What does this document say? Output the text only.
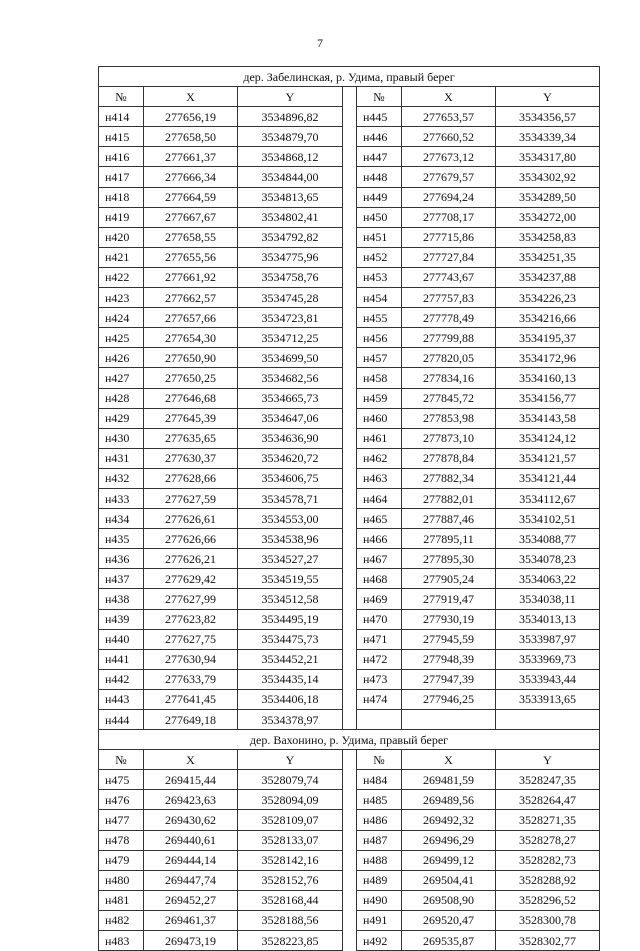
7
дер. Забелинская, р. Удима, правый берег						
№	X	Y		№	X	Y
н414	277656,19	3534896,82		н445	277653,57	3534356,57
н415	277658,50	3534879,70		н446	277660,52	3534339,34
н416	277661,37	3534868,12		н447	277673,12	3534317,80
н417	277666,34	3534844,00		н448	277679,57	3534302,92
н418	277664,59	3534813,65		н449	277694,24	3534289,50
н419	277667,67	3534802,41		н450	277708,17	3534272,00
н420	277658,55	3534792,82		н451	277715,86	3534258,83
н421	277655,56	3534775,96		н452	277727,84	3534251,35
н422	277661,92	3534758,76		н453	277743,67	3534237,88
н423	277662,57	3534745,28		н454	277757,83	3534226,23
н424	277657,66	3534723,81		н455	277778,49	3534216,66
н425	277654,30	3534712,25		н456	277799,88	3534195,37
н426	277650,90	3534699,50		н457	277820,05	3534172,96
н427	277650,25	3534682,56		н458	277834,16	3534160,13
н428	277646,68	3534665,73		н459	277845,72	3534156,77
н429	277645,39	3534647,06		н460	277853,98	3534143,58
н430	277635,65	3534636,90		н461	277873,10	3534124,12
н431	277630,37	3534620,72		н462	277878,84	3534121,57
н432	277628,66	3534606,75		н463	277882,34	3534121,44
н433	277627,59	3534578,71		н464	277882,01	3534112,67
н434	277626,61	3534553,00		н465	277887,46	3534102,51
н435	277626,66	3534538,96		н466	277895,11	3534088,77
н436	277626,21	3534527,27		н467	277895,30	3534078,23
н437	277629,42	3534519,55		н468	277905,24	3534063,22
н438	277627,99	3534512,58		н469	277919,47	3534038,11
н439	277623,82	3534495,19		н470	277930,19	3534013,13
н440	277627,75	3534475,73		н471	277945,59	3533987,97
н441	277630,94	3534452,21		н472	277948,39	3533969,73
н442	277633,79	3534435,14		н473	277947,39	3533943,44
н443	277641,45	3534406,18		н474	277946,25	3533913,65
н444	277649,18	3534378,97				
дер. Вахонино, р. Удима, правый берег						
№	X	Y		№	X	Y
н475	269415,44	3528079,74		н484	269481,59	3528247,35
н476	269423,63	3528094,09		н485	269489,56	3528264,47
н477	269430,62	3528109,07		н486	269492,32	3528271,35
н478	269440,61	3528133,07		н487	269496,29	3528278,27
н479	269444,14	3528142,16		н488	269499,12	3528282,73
н480	269447,74	3528152,76		н489	269504,41	3528288,92
н481	269452,27	3528168,44		н490	269508,90	3528296,52
н482	269461,37	3528188,56		н491	269520,47	3528300,78
н483	269473,19	3528223,85		н492	269535,87	3528302,77
